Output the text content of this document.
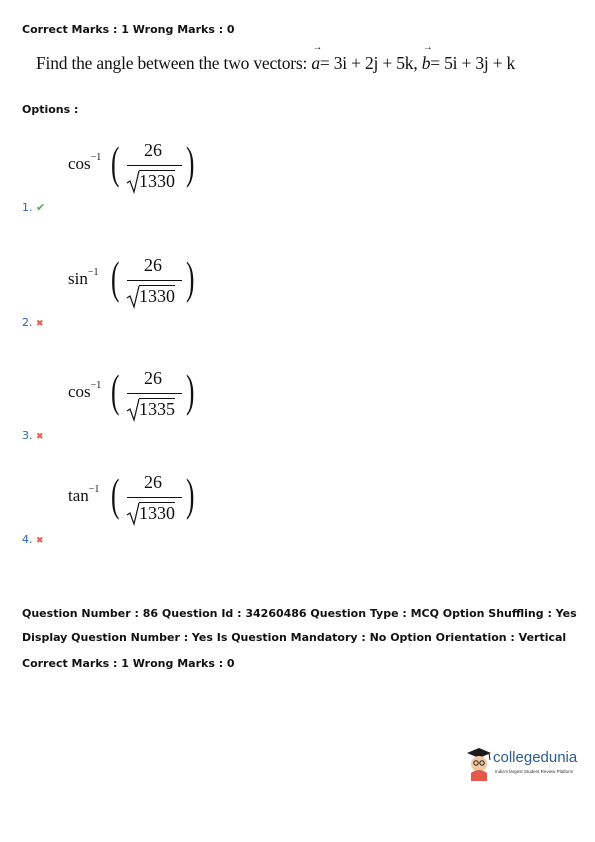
Correct Marks : 1 Wrong Marks : 0
Find the angle between the two vectors:
→
a= 3i + 2j + 5k,
→
b= 5i + 3j + k
Options :
$\cos^{-1}$ (	26
1330 )
1. ✔
$\sin^{-1}$ (	26
1330 )
2. ✖
$\cos^{-1}$ (	26
1335 )
3. ✖
$\tan^{-1}$ (	26
1330 )
4. ✖
Question Number : 86 Question Id : 34260486 Question Type : MCQ Option Shuffling : Yes
Display Question Number : Yes Is Question Mandatory : No Option Orientation : Vertical
Correct Marks : 1 Wrong Marks : 0
collegedunia
India's largest Student Review Platform
